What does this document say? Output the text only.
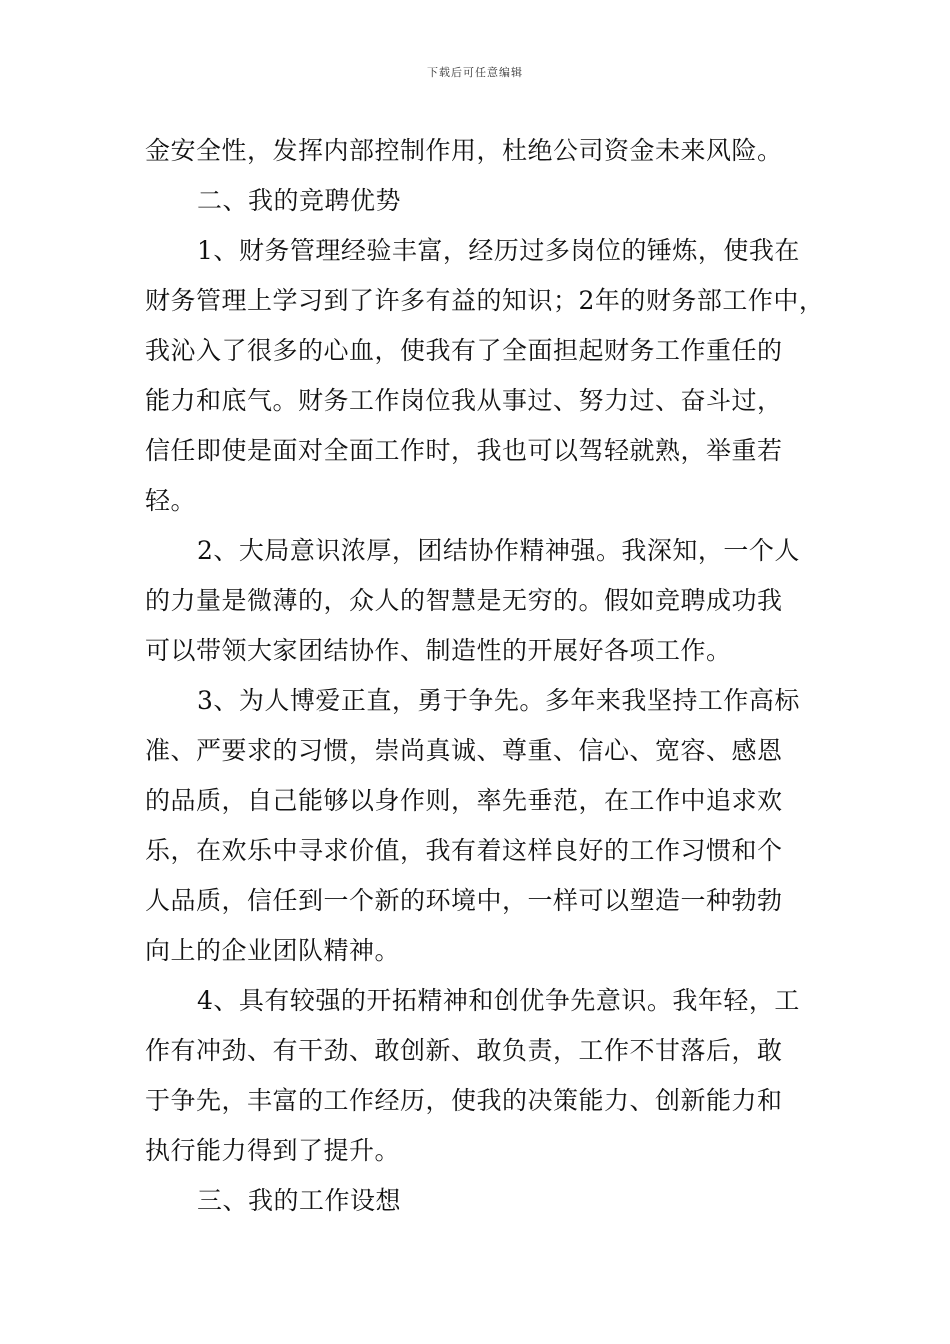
下载后可任意编辑
金安全性，发挥内部控制作用，杜绝公司资金未来风险。
二、我的竞聘优势
1、财务管理经验丰富，经历过多岗位的锤炼，使我在
财务管理上学习到了许多有益的知识；2年的财务部工作中，
我沁入了很多的心血，使我有了全面担起财务工作重任的
能力和底气。财务工作岗位我从事过、努力过、奋斗过，
信任即使是面对全面工作时，我也可以驾轻就熟，举重若
轻。
2、大局意识浓厚，团结协作精神强。我深知，一个人
的力量是微薄的，众人的智慧是无穷的。假如竞聘成功我
可以带领大家团结协作、制造性的开展好各项工作。
3、为人博爱正直，勇于争先。多年来我坚持工作高标
准、严要求的习惯，崇尚真诚、尊重、信心、宽容、感恩
的品质，自己能够以身作则，率先垂范，在工作中追求欢
乐，在欢乐中寻求价值，我有着这样良好的工作习惯和个
人品质，信任到一个新的环境中，一样可以塑造一种勃勃
向上的企业团队精神。
4、具有较强的开拓精神和创优争先意识。我年轻，工
作有冲劲、有干劲、敢创新、敢负责，工作不甘落后，敢
于争先，丰富的工作经历，使我的决策能力、创新能力和
执行能力得到了提升。
三、我的工作设想
